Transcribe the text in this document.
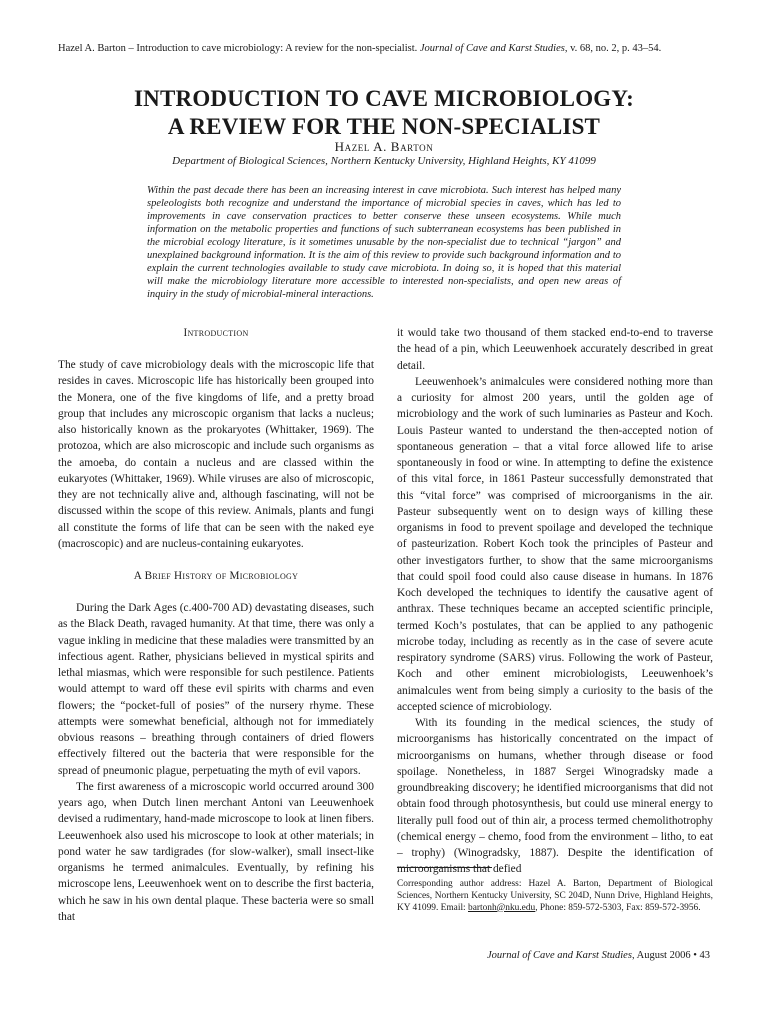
Hazel A. Barton – Introduction to cave microbiology: A review for the non-specialist. Journal of Cave and Karst Studies, v. 68, no. 2, p. 43–54.
INTRODUCTION TO CAVE MICROBIOLOGY:
A REVIEW FOR THE NON-SPECIALIST
Hazel A. Barton
Department of Biological Sciences, Northern Kentucky University, Highland Heights, KY 41099

Within the past decade there has been an increasing interest in cave microbiota. Such interest has helped many speleologists both recognize and understand the importance of microbial species in caves, which has led to improvements in cave conservation practices to better conserve these unseen ecosystems. While much information on the metabolic properties and functions of such subterranean ecosystems has been published in the microbial ecology literature, is it sometimes unusable by the non-specialist due to technical “jargon” and unexplained background information. It is the aim of this review to provide such background information and to explain the current technologies available to study cave microbiota. In doing so, it is hoped that this material will make the microbiology literature more accessible to interested non-specialists, and open new areas of inquiry in the study of microbial-mineral interactions.

Introduction

The study of cave microbiology deals with the microscopic life that resides in caves. Microscopic life has historically been grouped into the Monera, one of the five kingdoms of life, and a pretty broad group that includes any microscopic organism that lacks a nucleus; also historically known as the prokaryotes (Whittaker, 1969). The protozoa, which are also microscopic and include such organisms as the amoeba, do contain a nucleus and are classed within the eukaryotes (Whittaker, 1969). While viruses are also of microscopic, they are not technically alive and, although fascinating, will not be discussed within the scope of this review. Animals, plants and fungi all constitute the forms of life that can be seen with the naked eye (macroscopic) and are nucleus-containing eukaryotes.

A Brief History of Microbiology

During the Dark Ages (c.400-700 AD) devastating diseases, such as the Black Death, ravaged humanity. At that time, there was only a vague inkling in medicine that these maladies were transmitted by an infectious agent. Rather, physicians believed in mystical spirits and lethal miasmas, which were responsible for such pestilence. Patients would attempt to ward off these evil spirits with charms and even flowers; the “pocket-full of posies” of the nursery rhyme. These attempts were somewhat beneficial, although not for immediately obvious reasons – breathing through containers of dried flowers effectively filtered out the bacteria that were responsible for the spread of pneumonic plague, perpetuating the myth of evil vapors.

The first awareness of a microscopic world occurred around 300 years ago, when Dutch linen merchant Antoni van Leeuwenhoek devised a rudimentary, hand-made microscope to look at linen fibers. Leeuwenhoek also used his microscope to look at other materials; in pond water he saw tardigrades (for slow-walker), small insect-like organisms he termed animalcules. Eventually, by refining his microscope lens, Leeuwenhoek went on to describe the first bacteria, which he saw in his own dental plaque. These bacteria were so small that

it would take two thousand of them stacked end-to-end to traverse the head of a pin, which Leeuwenhoek accurately described in great detail.

Leeuwenhoek’s animalcules were considered nothing more than a curiosity for almost 200 years, until the golden age of microbiology and the work of such luminaries as Pasteur and Koch. Louis Pasteur wanted to understand the then-accepted notion of spontaneous generation – that a vital force allowed life to arise spontaneously in food or wine. In attempting to define the existence of this vital force, in 1861 Pasteur successfully demonstrated that this “vital force” was comprised of microorganisms in the air. Pasteur subsequently went on to design ways of killing these organisms in food to prevent spoilage and developed the technique of pasteurization. Robert Koch took the principles of Pasteur and other investigators further, to show that the same microorganisms that could spoil food could also cause disease in humans. In 1876 Koch developed the techniques to identify the causative agent of anthrax. These techniques became an accepted scientific principle, termed Koch’s postulates, that can be applied to any pathogenic microbe today, including as recently as in the case of severe acute respiratory syndrome (SARS) virus. Following the work of Pasteur, Koch and other eminent microbiologists, Leeuwenhoek’s animalcules went from being simply a curiosity to the basis of the accepted science of microbiology.

With its founding in the medical sciences, the study of microorganisms has historically concentrated on the impact of microorganisms on humans, whether through disease or food spoilage. Nonetheless, in 1887 Sergei Winogradsky made a groundbreaking discovery; he identified microorganisms that did not obtain food through photosynthesis, but could use mineral energy to literally pull food out of thin air, a process termed chemolithotrophy (chemical energy – chemo, food from the environment – litho, to eat – trophy) (Winogradsky, 1887). Despite the identification of microorganisms that defied

Corresponding author address: Hazel A. Barton, Department of Biological Sciences, Northern Kentucky University, SC 204D, Nunn Drive, Highland Heights, KY 41099. Email: bartonh@nku.edu, Phone: 859-572-5303, Fax: 859-572-3956.
Journal of Cave and Karst Studies, August 2006 • 43
